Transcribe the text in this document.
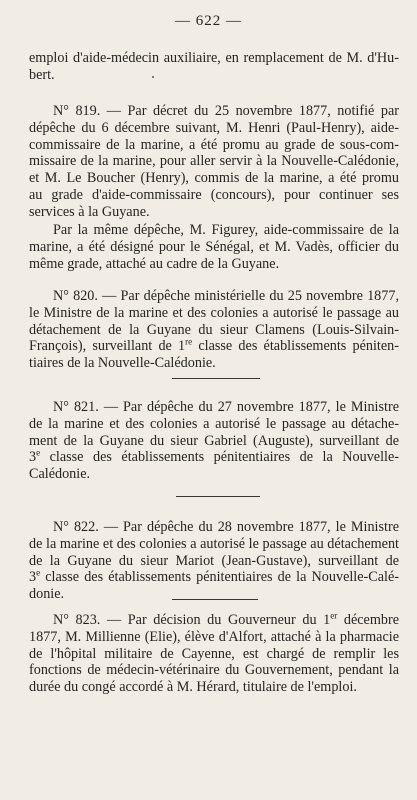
— 622 —

emploi d'aide-médecin auxiliaire, en remplacement de M. d'Hu-

bert.

N° 819. — Par décret du 25 novembre 1877, notifié par

dépêche du 6 décembre suivant, M. Henri (Paul-Henry), aide-

commissaire de la marine, a été promu au grade de sous-com-

missaire de la marine, pour aller servir à la Nouvelle-Calédonie,

et M. Le Boucher (Henry), commis de la marine, a été promu

au grade d'aide-commissaire (concours), pour continuer ses

services à la Guyane.

Par la même dépêche, M. Figurey, aide-commissaire de la

marine, a été désigné pour le Sénégal, et M. Vadès, officier du

même grade, attaché au cadre de la Guyane.

N° 820. — Par dépêche ministérielle du 25 novembre 1877,

le Ministre de la marine et des colonies a autorisé le passage au

détachement de la Guyane du sieur Clamens (Louis-Silvain-

François), surveillant de 1re classe des établissements péniten-

tiaires de la Nouvelle-Calédonie.

N° 821. — Par dépêche du 27 novembre 1877, le Ministre

de la marine et des colonies a autorisé le passage au détache-

ment de la Guyane du sieur Gabriel (Auguste), surveillant de

3e classe des établissements pénitentiaires de la Nouvelle-

Calédonie.

N° 822. — Par dépêche du 28 novembre 1877, le Ministre

de la marine et des colonies a autorisé le passage au détachement

de la Guyane du sieur Mariot (Jean-Gustave), surveillant de

3e classe des établissements pénitentiaires de la Nouvelle-Calé-

donie.

N° 823. — Par décision du Gouverneur du 1er décembre

1877, M. Millienne (Elie), élève d'Alfort, attaché à la pharmacie

de l'hôpital militaire de Cayenne, est chargé de remplir les

fonctions de médecin-vétérinaire du Gouvernement, pendant la

durée du congé accordé à M. Hérard, titulaire de l'emploi.
